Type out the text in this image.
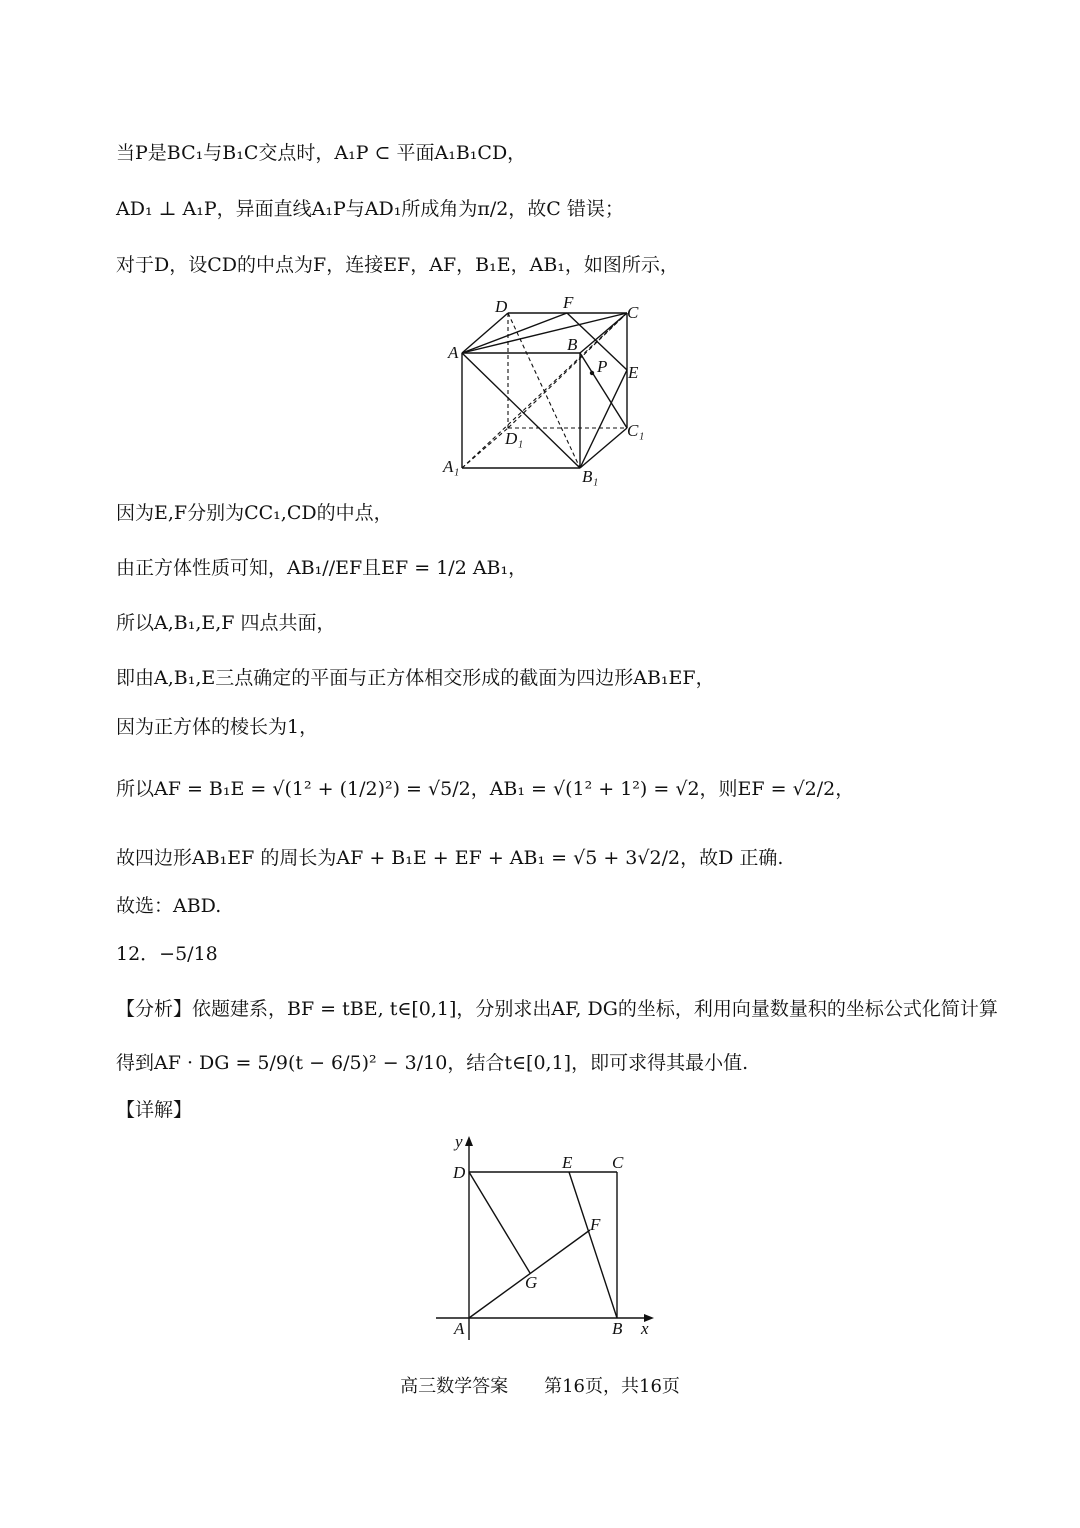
当P是BC₁与B₁C交点时，A₁P ⊂ 平面A₁B₁CD，
AD₁ ⊥ A₁P，异面直线A₁P与AD₁所成角为π/2，故C 错误；
对于D，设CD的中点为F，连接EF，AF，B₁E，AB₁，如图所示，
D	F
C
A	B
P E
D₁	C₁
A₁
B₁
因为E,F分别为CC₁,CD的中点，
由正方体性质可知，AB₁//EF且EF = 1/2 AB₁，
所以A,B₁,E,F 四点共面，
即由A,B₁,E三点确定的平面与正方体相交形成的截面为四边形AB₁EF，
因为正方体的棱长为1，
所以AF = B₁E = √(1² + (1/2)²) = √5/2，AB₁ = √(1² + 1²) = √2，则EF = √2/2，
故四边形AB₁EF 的周长为AF + B₁E + EF + AB₁ = √5 + 3√2/2，故D 正确.
故选：ABD.
12．−5/18
【分析】依题建系，BF = tBE, t∈[0,1]，分别求出AF, DG的坐标，利用向量数量积的坐标公式化简计算
得到AF · DG = 5/9(t − 6/5)² − 3/10，结合t∈[0,1]，即可求得其最小值.
【详解】
y
D
E C
F
G
A	B x
高三数学答案　　第16页，共16页
